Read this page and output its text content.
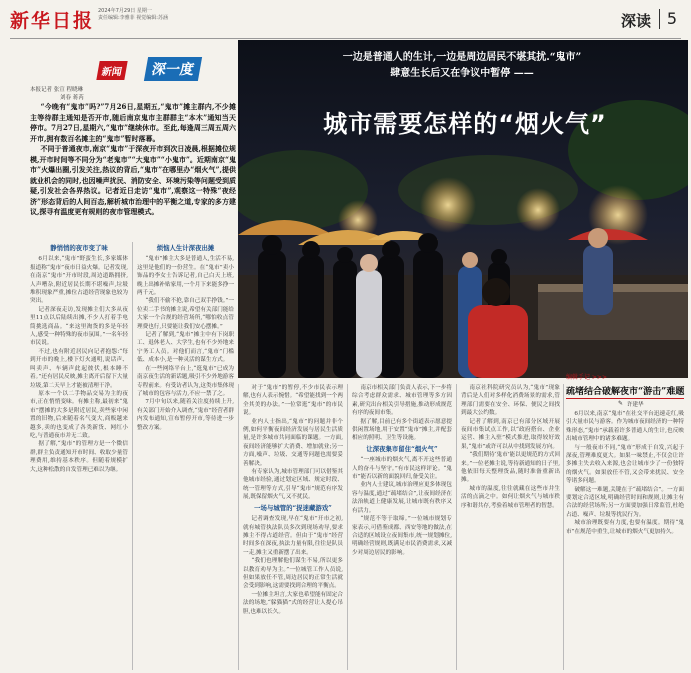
新华日报 2024年7月29日 星期一
责任编辑:李雅菲 视觉编辑:苏涵	深读 5
新闻	深一度
本报记者 张宣 程晓琳
刘春 蒋芮

“今晚有“鬼市”吗?”7月26日,星期五,“鬼市”摊主群内,不少摊主等待群主通知是否开市,随后南京鬼市主群群主“本木”通知当天停市。7月27日,星期六,“鬼市”继续休市。至此,每逢周三周五周六开市,拥有数百名摊主的“鬼市”暂时落幕。

不同于普通夜市,南京“鬼市”于深夜开市到次日凌晨,根据摊位规模,开市时间等不同分为“老鬼市”“大鬼市”“小鬼市”。近期南京“鬼市”火爆出圈,引发关注,热议的背后,“鬼市”在哪里办“烟火气”,提供就业机会的同时,也因噪声扰民、消防安全、环境污染等问题受到质疑,引发社会各界热议。记者近日走访“鬼市”,观察这一特殊“夜经济”形态背后的人间百态,解析城市治理中的平衡之道,专家的多方建议,探寻有温度更有规则的夜市管理模式。

一边是普通人的生计,一边是周边居民不堪其扰.“鬼市”
肆意生长后又在争议中暂停 ——
城市需要怎样的“烟火气”
静悄悄的夜市变了味

6月以来,“鬼市”野蛮生长,多家媒体报道称“鬼市”夜市日益火爆。记者发现,在南京“鬼市”开市时段,周边道路拥挤,人声嘈杂,附近居民长期不堪噪声,垃圾堆积现象严重,摊位占道经营现象也较为突出。

记者深夜走访,发现摊主们大多从夜里11点以后陆续出摊,不少人打着手电筒挑选商品。“来这里淘货的多是年轻人,感受一种特殊的夜市氛围。”一名年轻市民说。

不过,也有附近居民向记者抱怨:“每到开市的晚上,楼下灯火通明,说话声、叫卖声、车辆声此起彼伏,根本睡不着。”还有居民反映,摊主离开后留下大量垃圾,第二天早上才能被清理干净。

原本一个以二手物品交易为主的夜市,正在悄悄变味。有摊主称,最初来“鬼市”摆摊的大多是附近居民,卖些家中闲置的旧物,后来随着名气变大,商贩越来越多,卖的也变成了各类新货、网红小吃,与普通夜市并无二致。

据了解,“鬼市”的管理方是一个微信群,群主负责通知开市时间、收取少量管理费用,维持基本秩序。但随着规模扩大,这种松散的自发管理已难以为继。

烦恼人生计深夜出摊

“鬼市”摊主大多是普通人,生活不易,这里是他们的一份营生。在“鬼市”卖小饰品的李女士告诉记者,自己白天上班,晚上出摊补贴家用,一个月下来能多挣一两千元。

“我们不偷不抢,靠自己双手挣钱。”一位卖二手书的摊主说,希望有关部门能给大家一个合规的经营场所,“哪怕收点管理费也行,只要能让我们安心摆摊。”

记者了解到,“鬼市”摊主中有下岗职工、退休老人、大学生,也有不少外地来宁务工人员。对他们而言,“鬼市”门槛低、成本小,是一种灵活的谋生方式。

在一些网络平台上,“逛鬼市”已成为南京夜生活的新话题,吸引不少外地游客专程前来。有受访者认为,这类市集体现了城市的包容与活力,不应一禁了之。

7月中旬以来,随着关注度持续上升,有关部门开始介入调查,“鬼市”经营者群内发布通知,宣布暂停开市,等待进一步整改方案。

对于“鬼市”的暂停,不少市民表示理解,也有人表示惋惜。“希望能找到一个两全其美的办法。”一位常逛“鬼市”的市民说。

业内人士指出,“鬼市”的问题并非个例,如何平衡夜间经济发展与居民生活质量,是许多城市共同面临的课题。一方面,夜间经济能够扩大消费、增加就业;另一方面,噪声、垃圾、交通等问题也需要妥善解决。

有专家认为,城市管理部门可以借鉴其他城市经验,通过划定区域、规定时段、统一管理等方式,引导“鬼市”规范有序发展,既保留烟火气,又不扰民。

一场与城管的“捉迷藏游戏”

记者调查发现,早在“鬼市”开市之初,就有城管执法队员多次到现场劝导,要求摊主不得占道经营。但由于“鬼市”经营时间多在深夜,执法力量有限,往往是队员一走,摊主又重新摆了出来。

“我们也理解他们谋生不易,所以更多以教育劝导为主。”一位城管工作人员说,但如果放任不管,周边居民的正常生活就会受到影响,这需要找到合理的平衡点。

一位摊主坦言,大家也希望能有固定合法的场地,“躲猫猫”式的经营让人提心吊胆,也难以长久。

南京市相关部门负责人表示,下一步将综合考虑群众需求、城市管理等多方因素,研究出台相关引导措施,推动形成规范有序的夜间市集。

据了解,目前已有多个街道表示愿意提供闲置场地,用于安置“鬼市”摊主,并配套相应的照明、卫生等设施。

让深夜集市留住“烟火气”

“一座城市的烟火气,离不开这些普通人的奋斗与坚守。”有市民这样评论。“鬼市”能否以新的面貌回归,备受关注。

业内人士建议,城市治理应更多体现包容与温度,通过“疏堵结合”,让夜间经济在法治轨道上健康发展,让城市既有秩序又有活力。

“规范不等于取缔。”一位城市规划专家表示,可借鉴成都、西安等地的做法,在合适的区域设立夜间集市,统一规划摊位,明确经营规则,既满足市民消费需求,又减少对周边居民的影响。

南京社科院研究员认为,“鬼市”现象背后是人们对多样化消费场景的需求,管理部门需要在安全、环保、便民之间找到最大公约数。

记者了解到,南京已有部分区域开展夜间市集试点工作,以“政府搭台、企业运营、摊主入驻”模式推进,取得较好效果,“鬼市”或许可以从中找到发展方向。

“我们期待‘鬼市’能以更规范的方式回来。”一位老摊主说,等待新通知的日子里,他依旧每天整理货品,随时准备重新出摊。

城市的温度,往往就藏在这些市井生活的点滴之中。如何让烟火气与城市秩序和谐共存,考验着城市管理者的智慧。

编辑手记 >>>
疏堵结合破解夜市“游击”难题
✎ 许建华

6月以来,南京“鬼市”在社交平台迅速走红,吸引大量市民与游客。作为城市夜间经济的一种特殊形态,“鬼市”承载着许多普通人的生计,也反映出城市管理中的诸多难题。

与一般夜市不同,“鬼市”形成于自发,兴起于深夜,管理难度更大。如果一味禁止,不仅会让许多摊主失去收入来源,也会让城市少了一份独特的烟火气。如果放任不管,又会带来扰民、安全等诸多问题。

破解这一难题,关键在于“疏堵结合”。一方面要划定合适区域,明确经营时间和规则,让摊主有合法的经营场所;另一方面要加强日常监管,杜绝占道、噪声、垃圾等扰民行为。

城市治理既要有力度,也要有温度。期待“鬼市”在规范中重生,让城市的烟火气更加持久。
